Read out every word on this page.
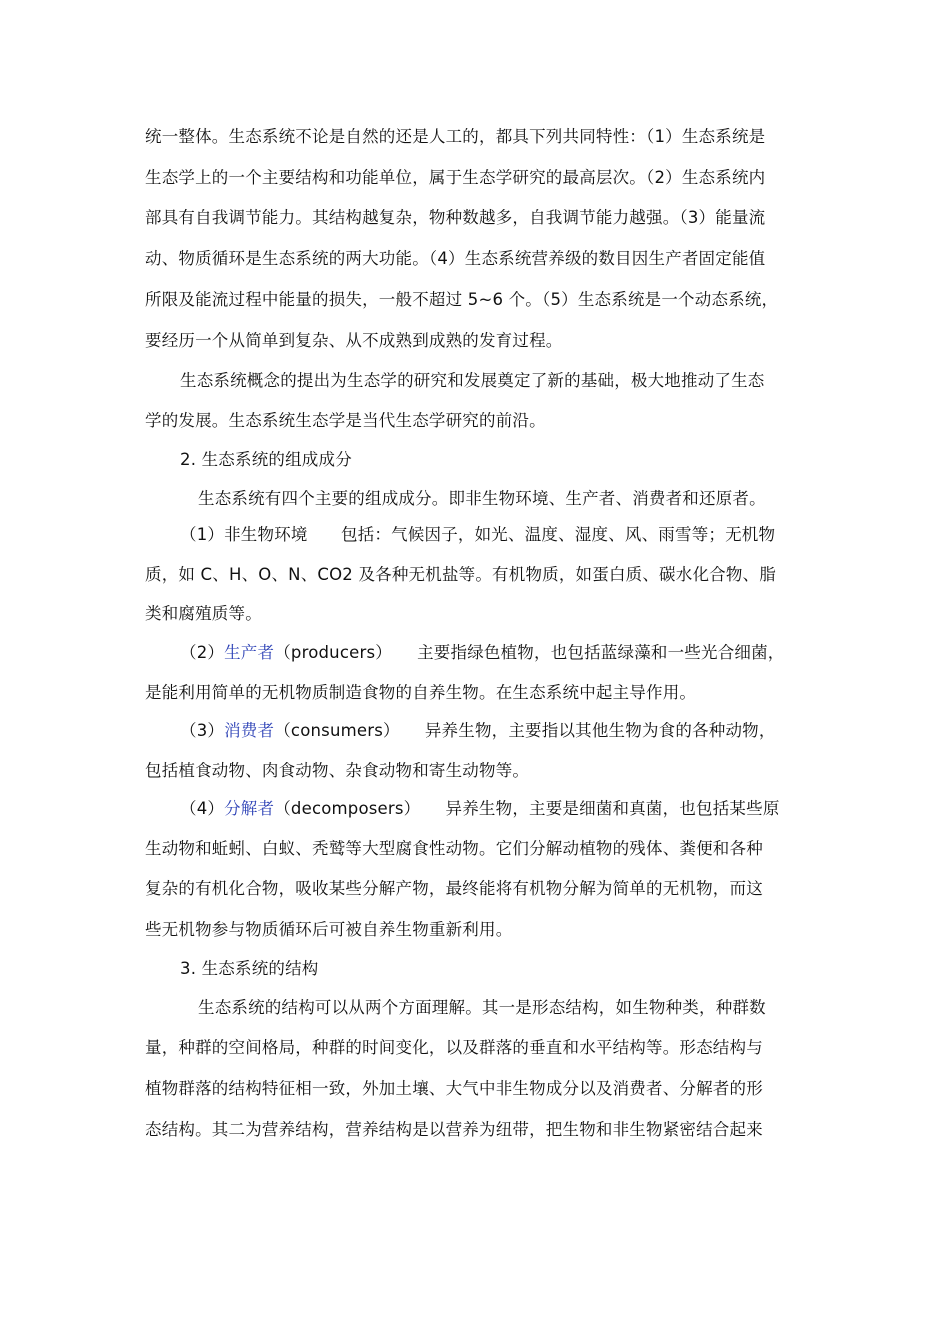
统一整体。生态系统不论是自然的还是人工的，都具下列共同特性：（1）生态系统是
生态学上的一个主要结构和功能单位，属于生态学研究的最高层次。（2）生态系统内
部具有自我调节能力。其结构越复杂，物种数越多，自我调节能力越强。（3）能量流
动、物质循环是生态系统的两大功能。（4）生态系统营养级的数目因生产者固定能值
所限及能流过程中能量的损失，一般不超过 5~6 个。（5）生态系统是一个动态系统，
要经历一个从简单到复杂、从不成熟到成熟的发育过程。
生态系统概念的提出为生态学的研究和发展奠定了新的基础，极大地推动了生态
学的发展。生态系统生态学是当代生态学研究的前沿。
2. 生态系统的组成成分
生态系统有四个主要的组成成分。即非生物环境、生产者、消费者和还原者。
（1）非生物环境　　包括：气候因子，如光、温度、湿度、风、雨雪等；无机物
质，如 C、H、O、N、CO2 及各种无机盐等。有机物质，如蛋白质、碳水化合物、脂
类和腐殖质等。
（2）生产者（producers）　　主要指绿色植物，也包括蓝绿藻和一些光合细菌，
是能利用简单的无机物质制造食物的自养生物。在生态系统中起主导作用。
（3）消费者（consumers）　　异养生物，主要指以其他生物为食的各种动物，
包括植食动物、肉食动物、杂食动物和寄生动物等。
（4）分解者（decomposers）　　异养生物，主要是细菌和真菌，也包括某些原
生动物和蚯蚓、白蚁、秃鹫等大型腐食性动物。它们分解动植物的残体、粪便和各种
复杂的有机化合物，吸收某些分解产物，最终能将有机物分解为简单的无机物，而这
些无机物参与物质循环后可被自养生物重新利用。
3. 生态系统的结构
生态系统的结构可以从两个方面理解。其一是形态结构，如生物种类，种群数
量，种群的空间格局，种群的时间变化，以及群落的垂直和水平结构等。形态结构与
植物群落的结构特征相一致，外加土壤、大气中非生物成分以及消费者、分解者的形
态结构。其二为营养结构，营养结构是以营养为纽带，把生物和非生物紧密结合起来
